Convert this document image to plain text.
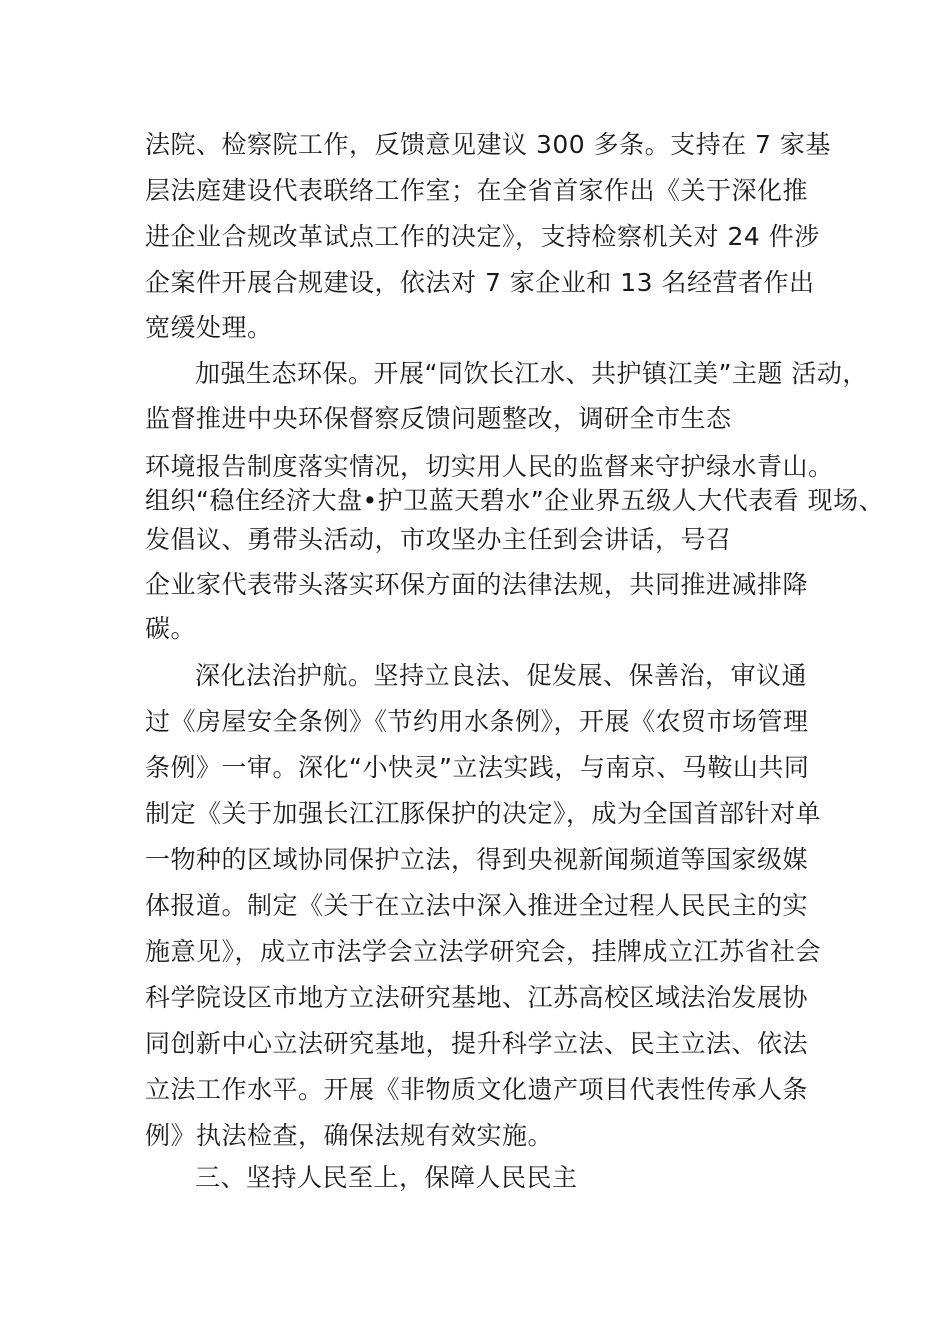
法院、检察院工作，反馈意见建议 300 多条。支持在 7 家基
层法庭建设代表联络工作室；在全省首家作出《关于深化推
进企业合规改革试点工作的决定》，支持检察机关对 24 件涉
企案件开展合规建设，依法对 7 家企业和 13 名经营者作出
宽缓处理。
加强生态环保。开展“同饮长江水、共护镇江美”主题 活动，
监督推进中央环保督察反馈问题整改，调研全市生态
环境报告制度落实情况，切实用人民的监督来守护绿水青山。
组织“稳住经济大盘•护卫蓝天碧水”企业界五级人大代表看 现场、
发倡议、勇带头活动，市攻坚办主任到会讲话，号召
企业家代表带头落实环保方面的法律法规，共同推进减排降
碳。
深化法治护航。坚持立良法、促发展、保善治，审议通
过《房屋安全条例》《节约用水条例》，开展《农贸市场管理
条例》一审。深化“小快灵”立法实践，与南京、马鞍山共同
制定《关于加强长江江豚保护的决定》，成为全国首部针对单
一物种的区域协同保护立法，得到央视新闻频道等国家级媒
体报道。制定《关于在立法中深入推进全过程人民民主的实
施意见》，成立市法学会立法学研究会，挂牌成立江苏省社会
科学院设区市地方立法研究基地、江苏高校区域法治发展协
同创新中心立法研究基地，提升科学立法、民主立法、依法
立法工作水平。开展《非物质文化遗产项目代表性传承人条
例》执法检查，确保法规有效实施。
三、坚持人民至上，保障人民民主
